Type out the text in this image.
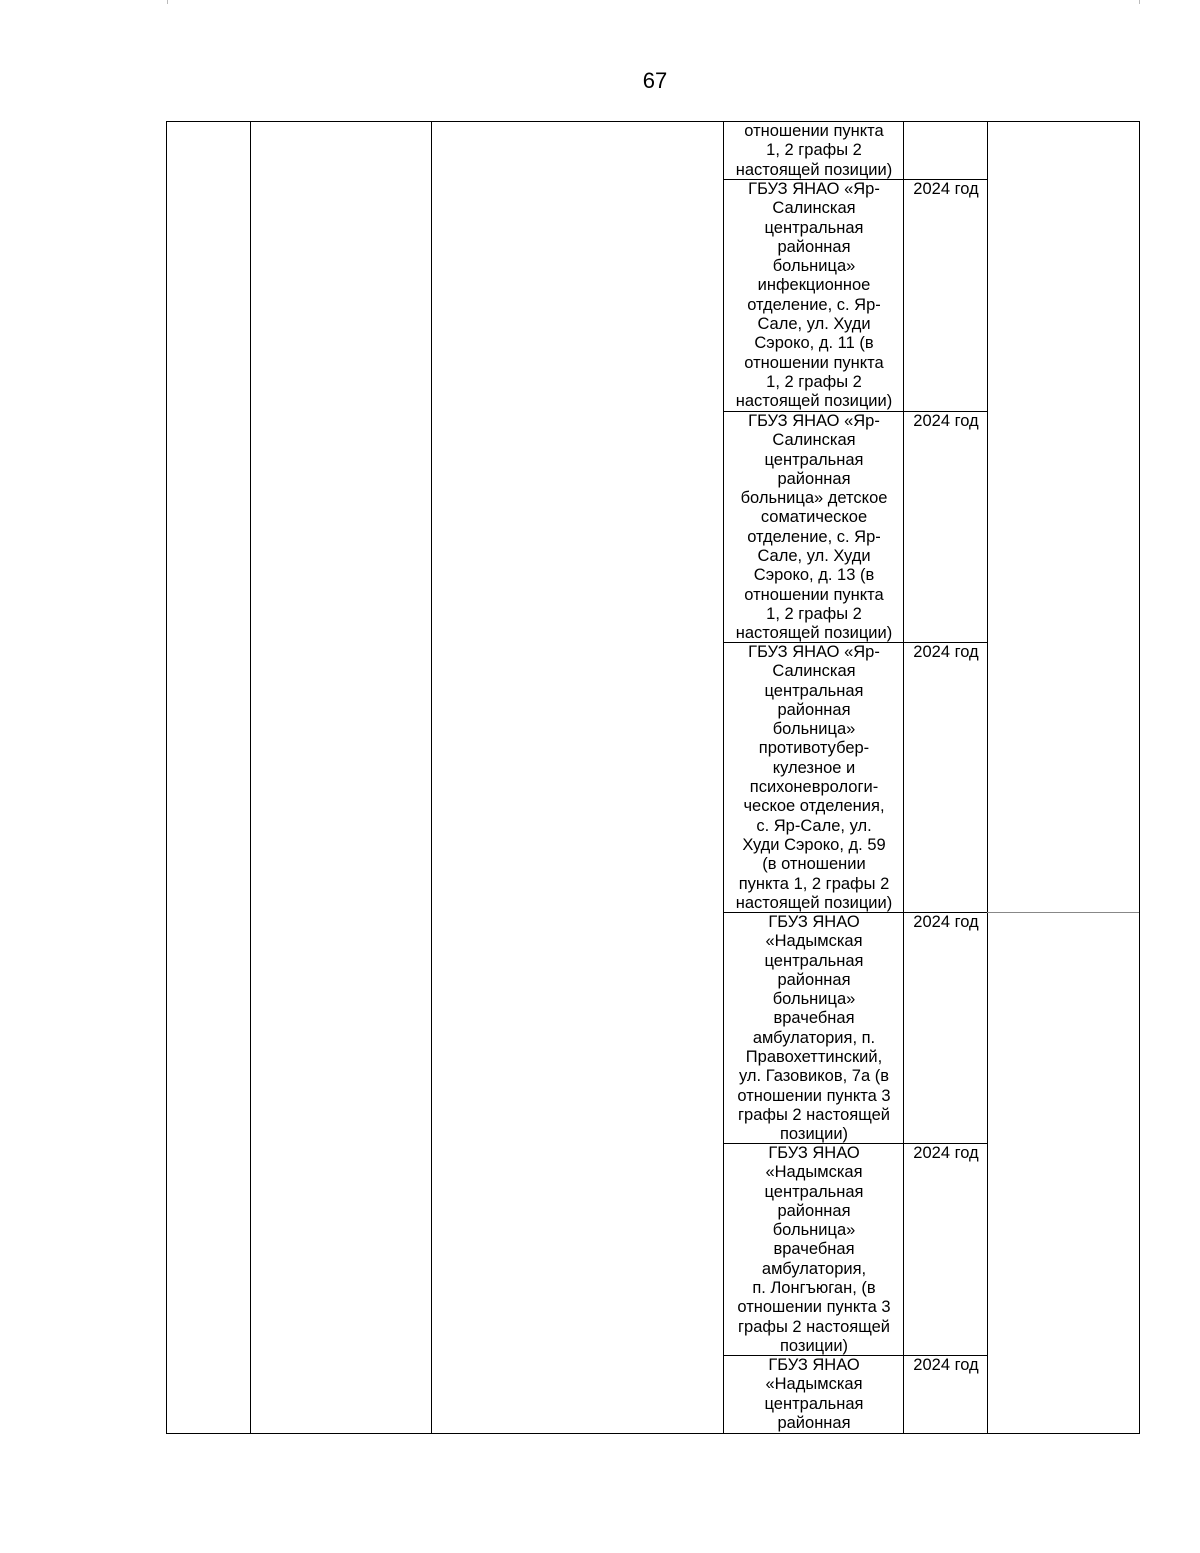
67
отношении пункта
1, 2 графы 2
настоящей позиции)
ГБУЗ ЯНАО «Яр-
Салинская
центральная
районная
больница»
инфекционное
отделение, с. Яр-
Сале, ул. Худи
Сэроко, д. 11 (в
отношении пункта
1, 2 графы 2
настоящей позиции)
2024 год
ГБУЗ ЯНАО «Яр-
Салинская
центральная
районная
больница» детское
соматическое
отделение, с. Яр-
Сале, ул. Худи
Сэроко, д. 13 (в
отношении пункта
1, 2 графы 2
настоящей позиции)
2024 год
ГБУЗ ЯНАО «Яр-
Салинская
центральная
районная
больница»
противотубер-
кулезное и
психоневрологи-
ческое отделения,
с. Яр-Сале, ул.
Худи Сэроко, д. 59
(в отношении
пункта 1, 2 графы 2
настоящей позиции)
2024 год
ГБУЗ ЯНАО
«Надымская
центральная
районная
больница»
врачебная
амбулатория, п.
Правохеттинский,
ул. Газовиков, 7а (в
отношении пункта 3
графы 2 настоящей
позиции)
2024 год
ГБУЗ ЯНАО
«Надымская
центральная
районная
больница»
врачебная
амбулатория,
п. Лонгъюган, (в
отношении пункта 3
графы 2 настоящей
позиции)
2024 год
ГБУЗ ЯНАО
«Надымская
центральная
районная
2024 год
